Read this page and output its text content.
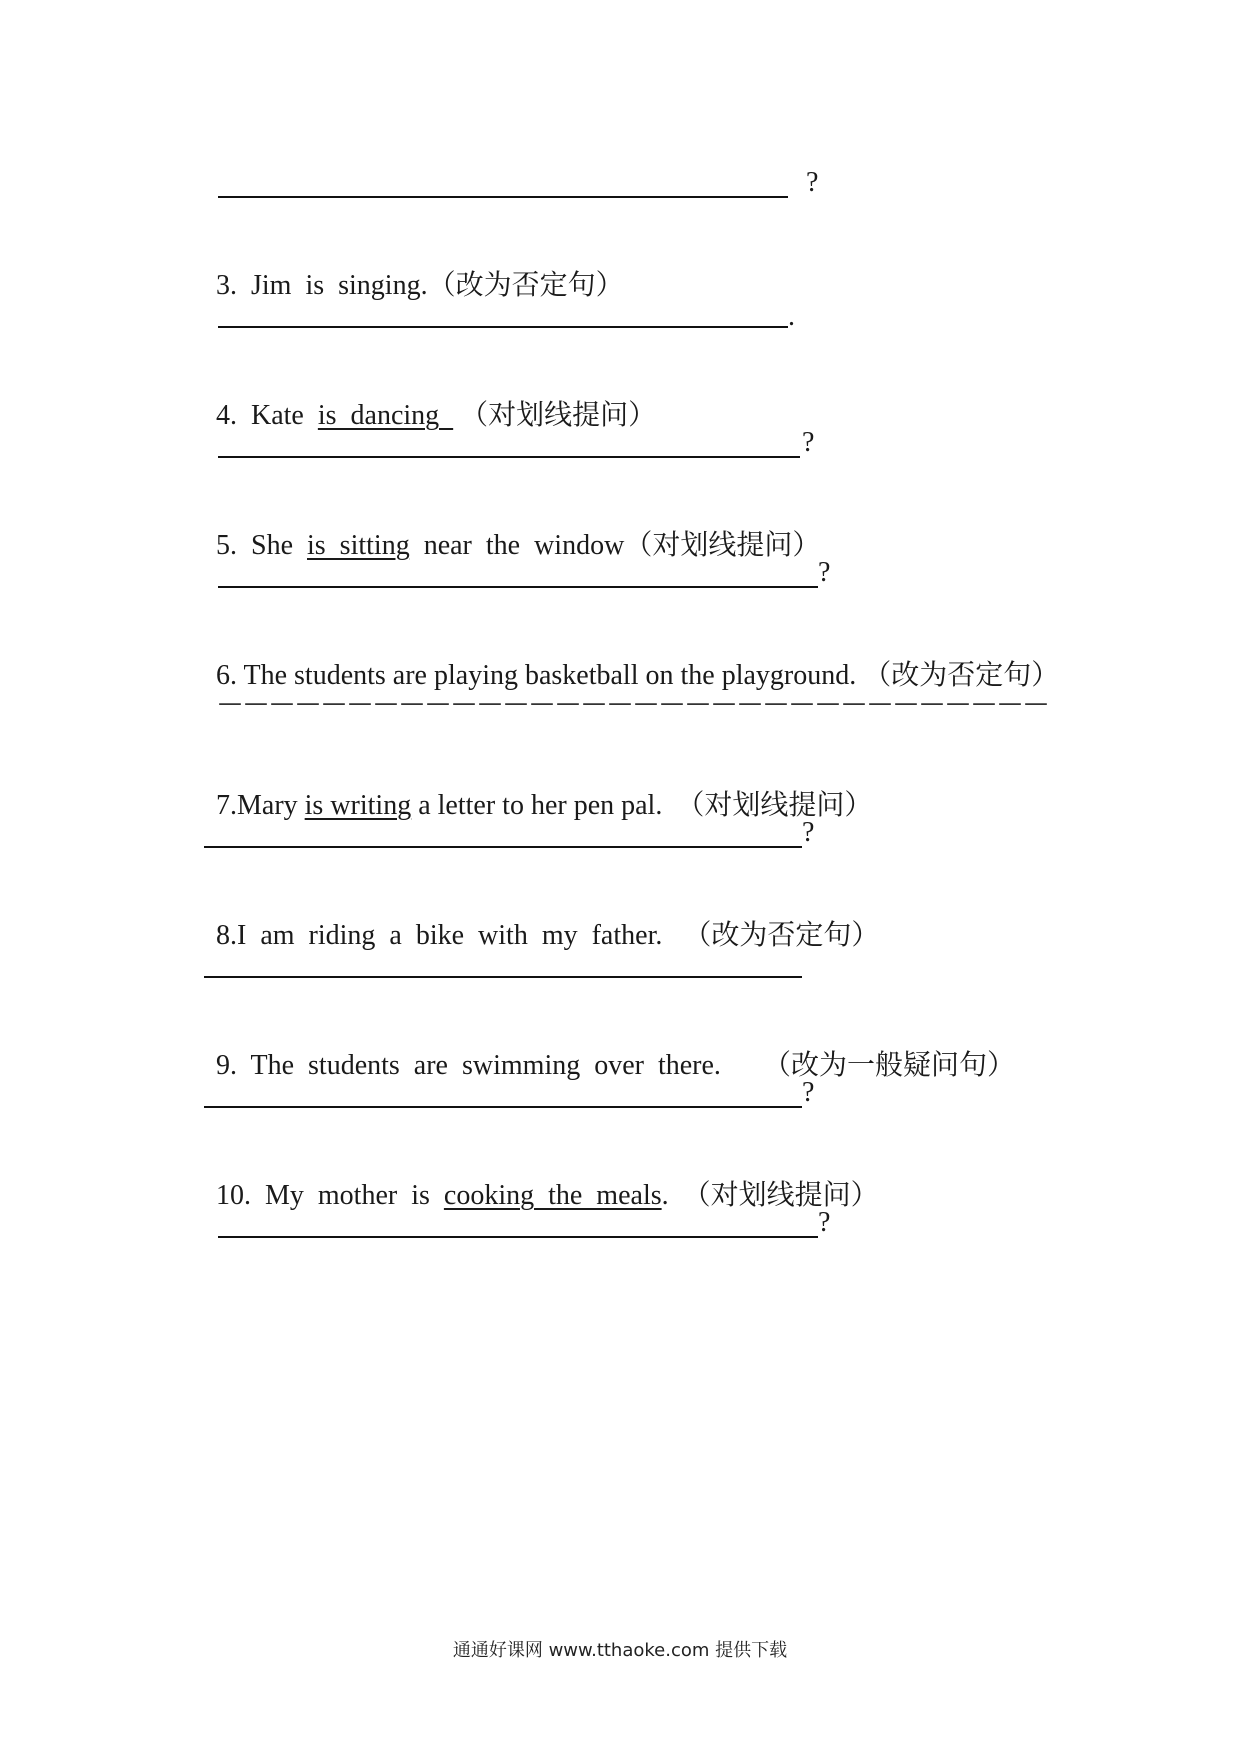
?

3.  Jim  is  singing.（改为否定句）

.

4.  Kate  is  dancing   （对划线提问）

?

5.  She  is  sitting  near  the  window（对划线提问）

?

6. The students are playing basketball on the playground. （改为否定句）

————————————————————————————————

7.Mary is writing a letter to her pen pal.  （对划线提问）

?

8.I  am  riding  a  bike  with  my  father.   （改为否定句）

9.  The  students  are  swimming  over  there.      （改为一般疑问句）

?

10.  My  mother  is  cooking  the  meals.  （对划线提问）

?
通通好课网 www.tthaoke.com 提供下载
